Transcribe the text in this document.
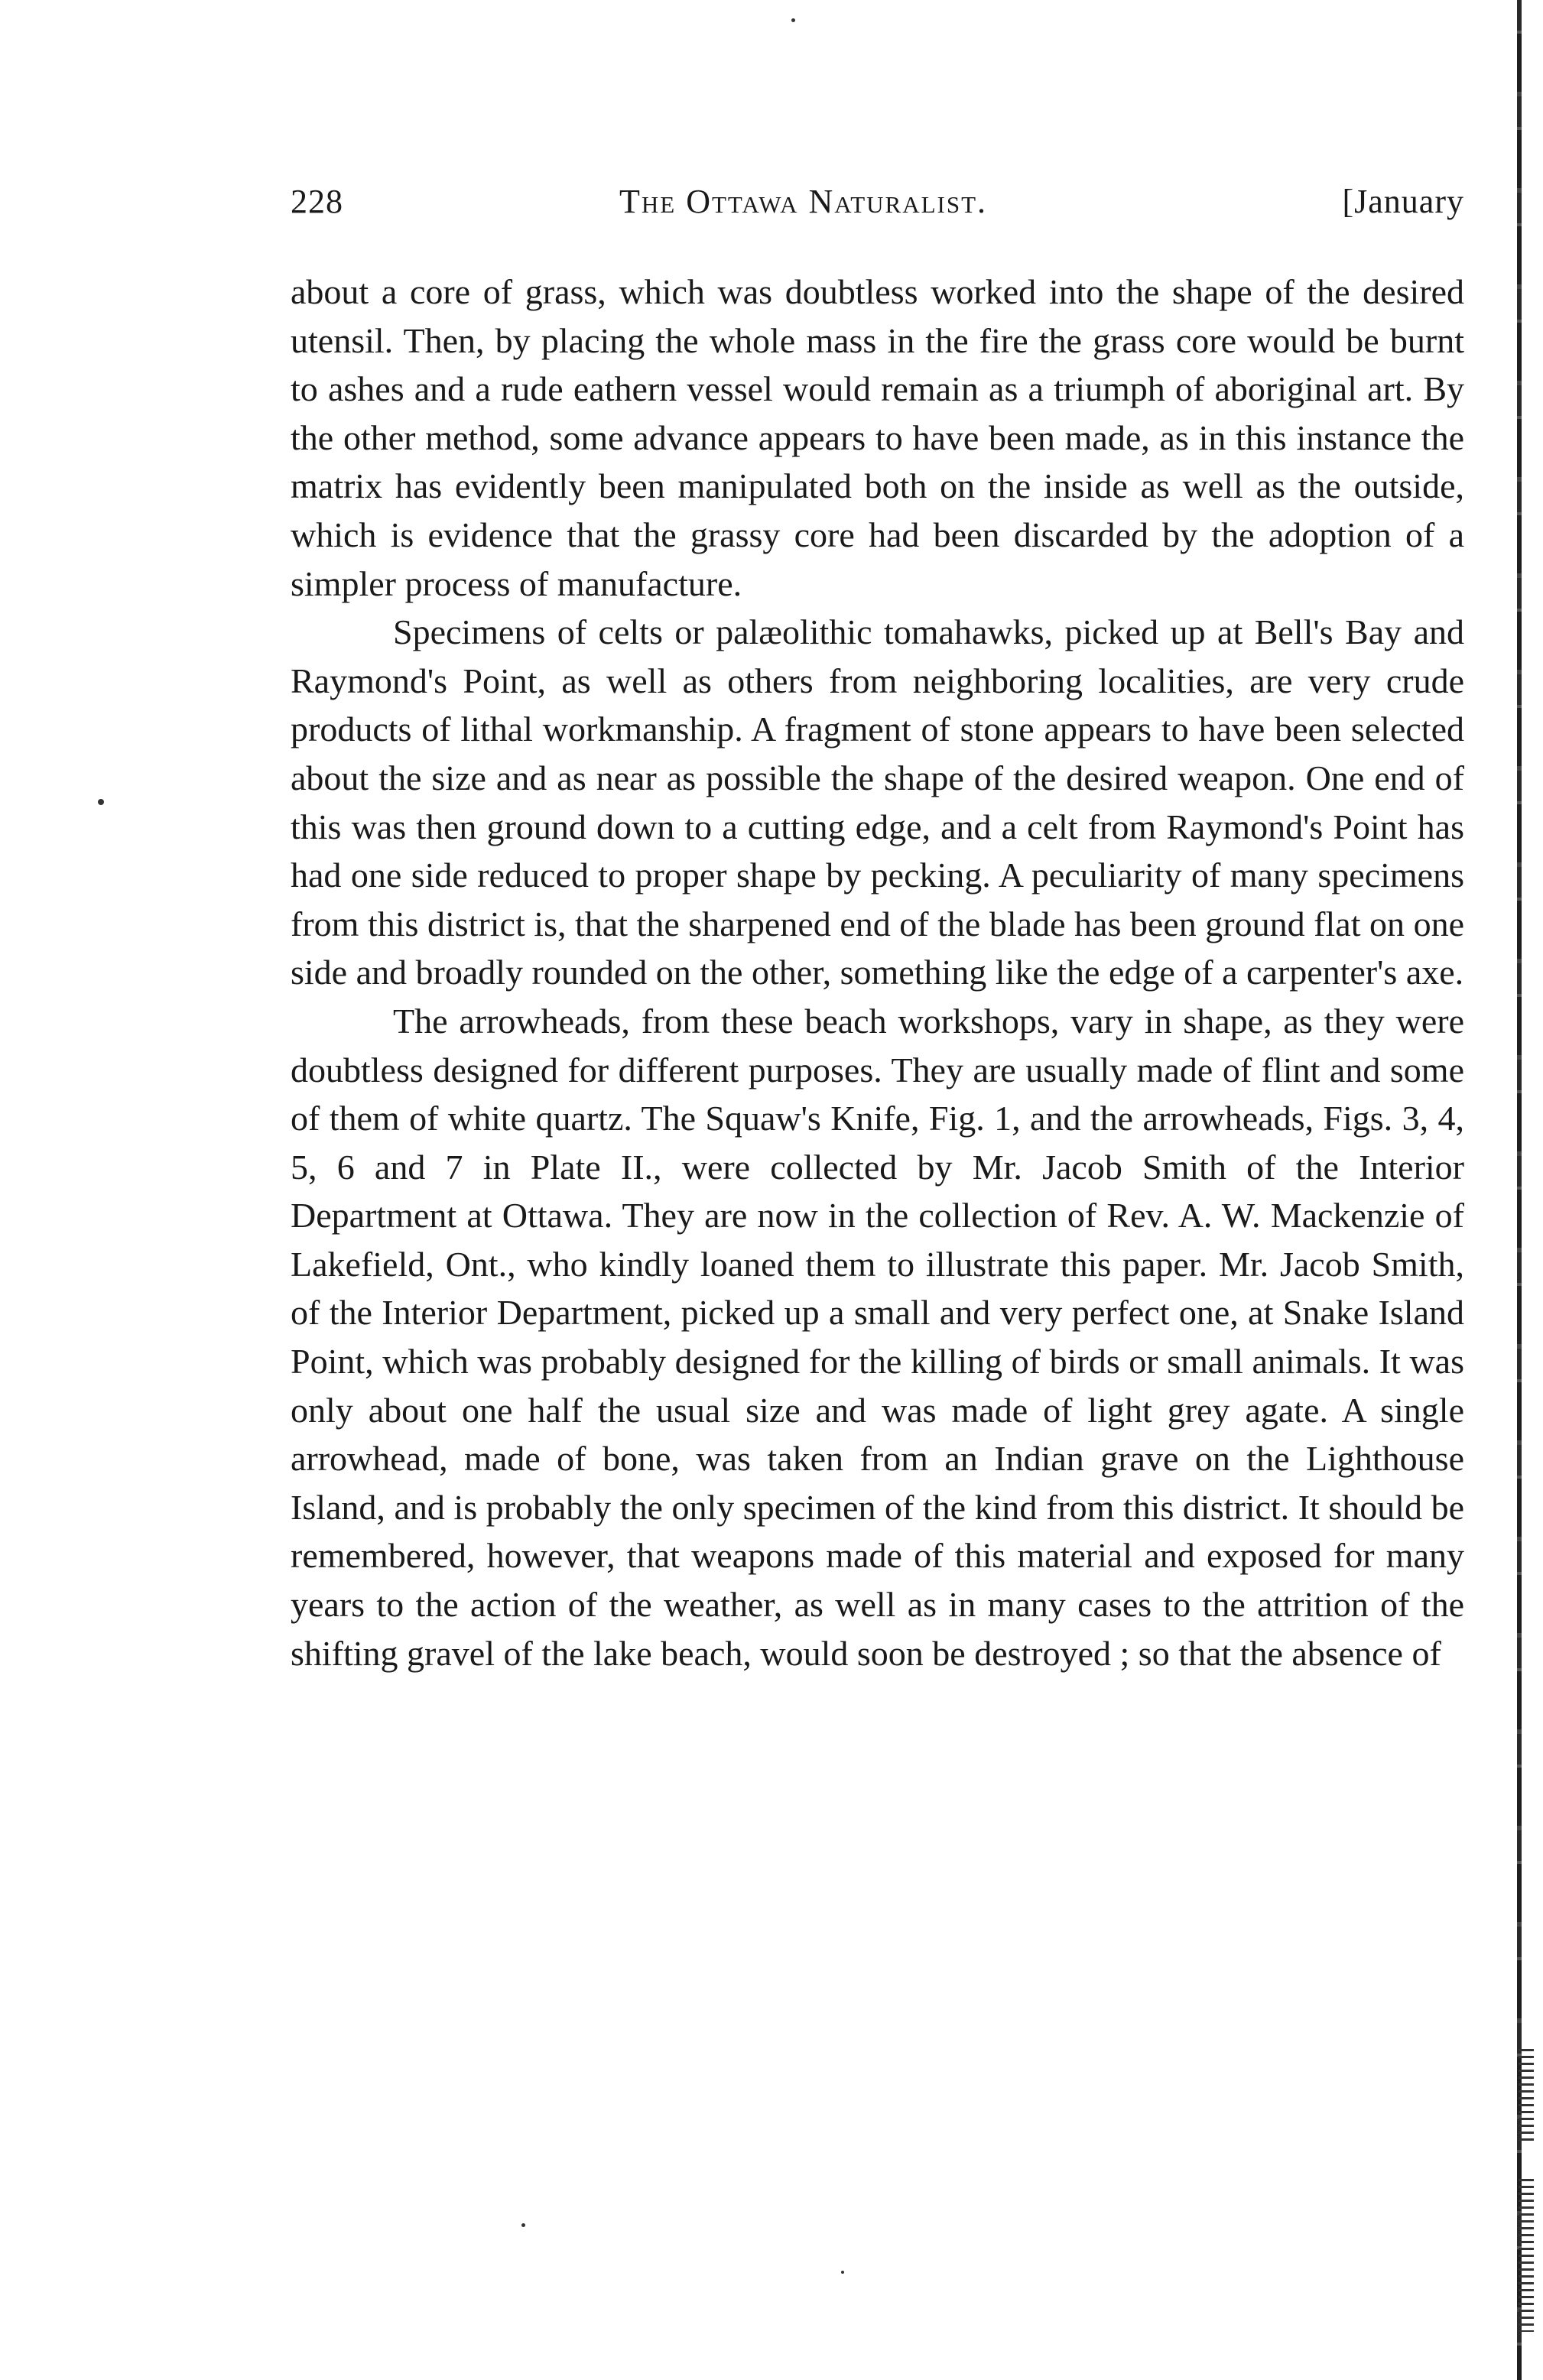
228	The Ottawa Naturalist.	[January

about a core of grass, which was doubtless worked into the shape of the desired utensil. Then, by placing the whole mass in the fire the grass core would be burnt to ashes and a rude eathern vessel would remain as a triumph of aboriginal art. By the other method, some advance appears to have been made, as in this instance the matrix has evidently been manipulated both on the inside as well as the outside, which is evidence that the grassy core had been discarded by the adoption of a simpler process of manufacture.

Specimens of celts or palæolithic tomahawks, picked up at Bell's Bay and Raymond's Point, as well as others from neighboring localities, are very crude products of lithal workmanship. A fragment of stone appears to have been selected about the size and as near as possible the shape of the desired weapon. One end of this was then ground down to a cutting edge, and a celt from Raymond's Point has had one side reduced to proper shape by pecking. A peculiarity of many specimens from this district is, that the sharpened end of the blade has been ground flat on one side and broadly rounded on the other, something like the edge of a carpenter's axe.

The arrowheads, from these beach workshops, vary in shape, as they were doubtless designed for different purposes. They are usually made of flint and some of them of white quartz. The Squaw's Knife, Fig. 1, and the arrowheads, Figs. 3, 4, 5, 6 and 7 in Plate II., were collected by Mr. Jacob Smith of the Interior Department at Ottawa. They are now in the collection of Rev. A. W. Mackenzie of Lakefield, Ont., who kindly loaned them to illustrate this paper. Mr. Jacob Smith, of the Interior Department, picked up a small and very perfect one, at Snake Island Point, which was probably designed for the killing of birds or small animals. It was only about one half the usual size and was made of light grey agate. A single arrowhead, made of bone, was taken from an Indian grave on the Lighthouse Island, and is probably the only specimen of the kind from this district. It should be remembered, however, that weapons made of this material and exposed for many years to the action of the weather, as well as in many cases to the attrition of the shifting gravel of the lake beach, would soon be destroyed ; so that the absence of
